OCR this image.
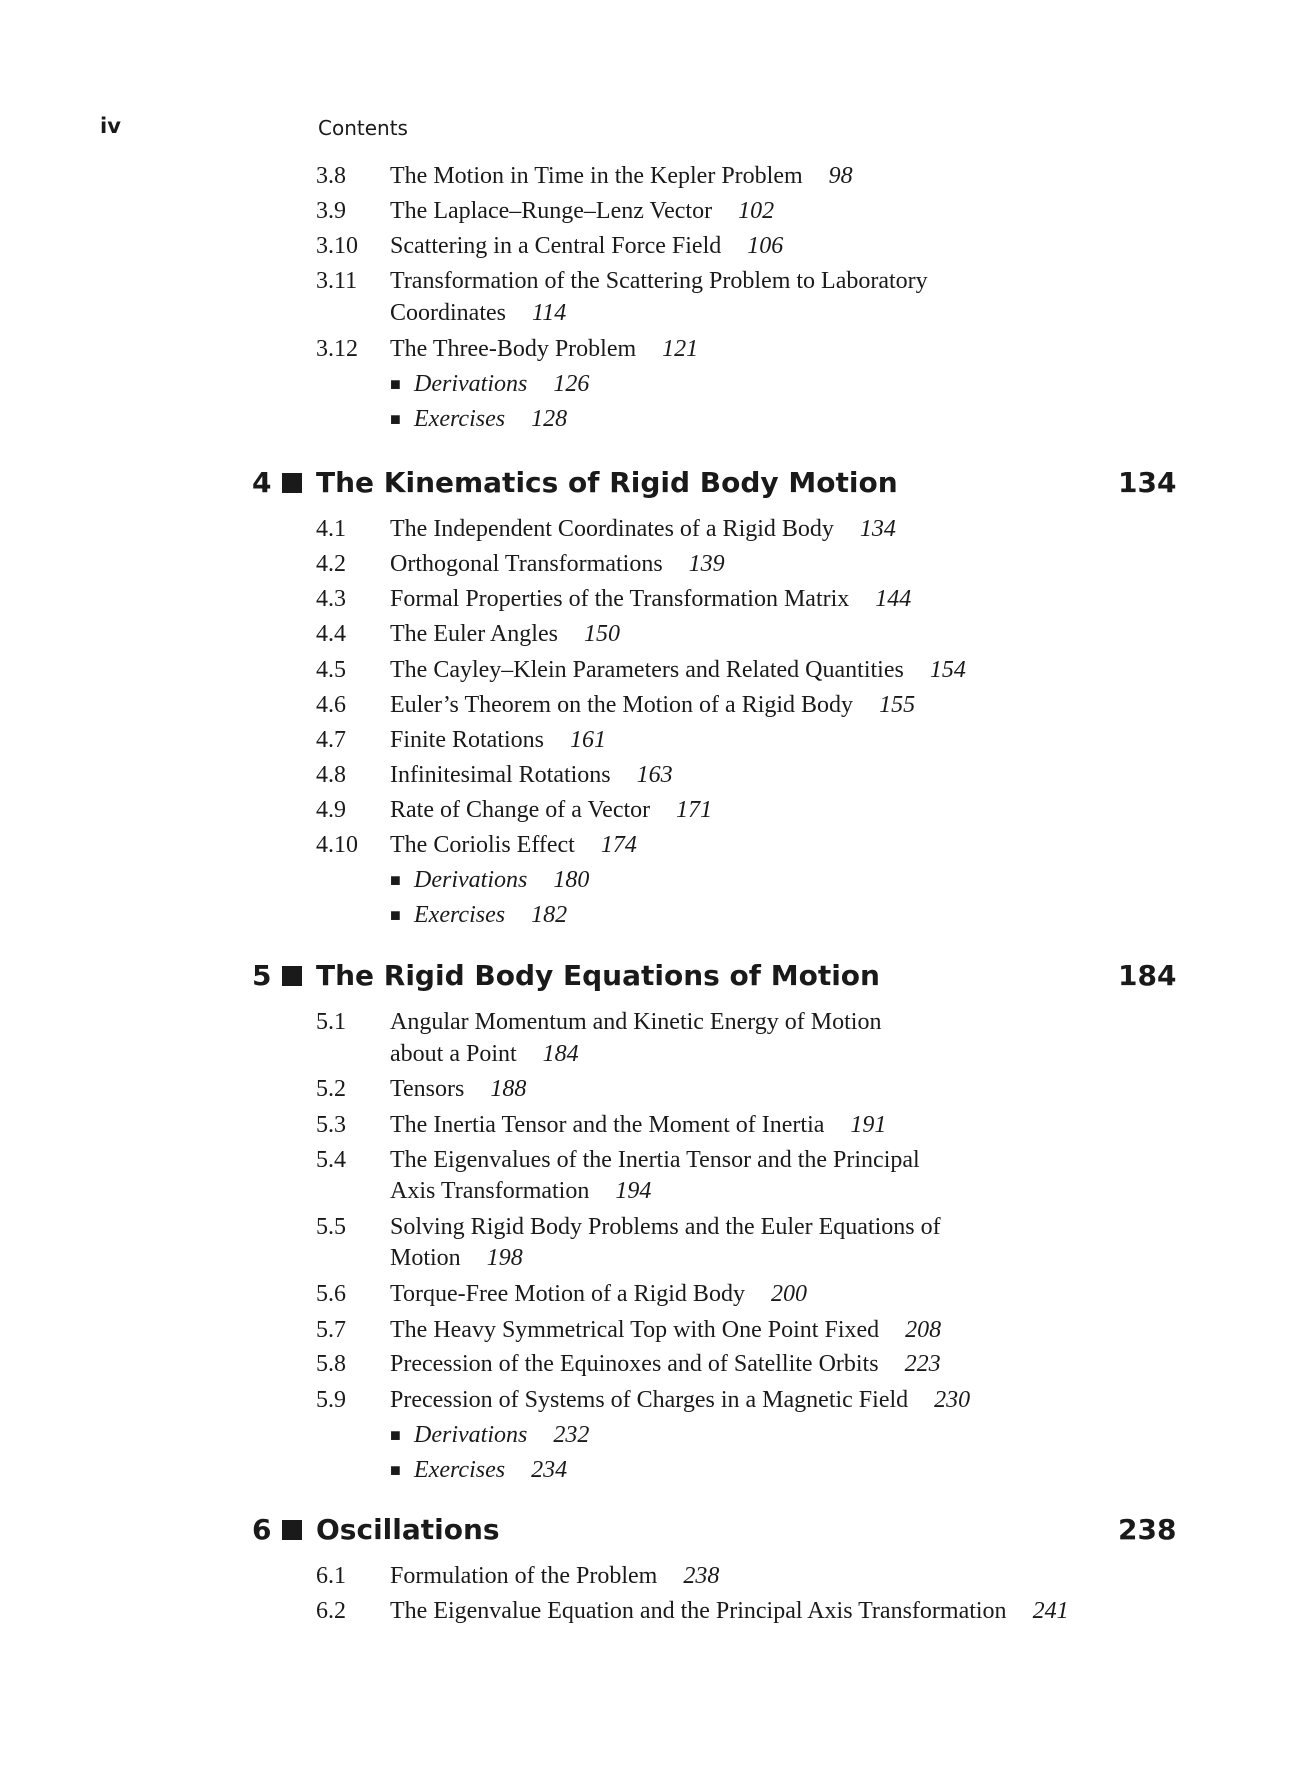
iv	Contents
3.8 The Motion in Time in the Kepler Problem 98
3.9 The Laplace–Runge–Lenz Vector 102
3.10 Scattering in a Central Force Field 106
3.11 Transformation of the Scattering Problem to Laboratory
Coordinates 114
3.12 The Three-Body Problem 121
■ Derivations 126
■ Exercises 128
4 The Kinematics of Rigid Body Motion	134
4.1 The Independent Coordinates of a Rigid Body 134
4.2 Orthogonal Transformations 139
4.3 Formal Properties of the Transformation Matrix 144
4.4 The Euler Angles 150
4.5 The Cayley–Klein Parameters and Related Quantities 154
4.6 Euler’s Theorem on the Motion of a Rigid Body 155
4.7 Finite Rotations 161
4.8 Infinitesimal Rotations 163
4.9 Rate of Change of a Vector 171
4.10 The Coriolis Effect 174
■ Derivations 180
■ Exercises 182
5 The Rigid Body Equations of Motion	184
5.1 Angular Momentum and Kinetic Energy of Motion
about a Point 184
5.2 Tensors 188
5.3 The Inertia Tensor and the Moment of Inertia 191
5.4 The Eigenvalues of the Inertia Tensor and the Principal
Axis Transformation 194
5.5 Solving Rigid Body Problems and the Euler Equations of
Motion 198
5.6 Torque-Free Motion of a Rigid Body 200
5.7 The Heavy Symmetrical Top with One Point Fixed 208
5.8 Precession of the Equinoxes and of Satellite Orbits 223
5.9 Precession of Systems of Charges in a Magnetic Field 230
■ Derivations 232
■ Exercises 234
6 Oscillations	238
6.1 Formulation of the Problem 238
6.2 The Eigenvalue Equation and the Principal Axis Transformation 241
